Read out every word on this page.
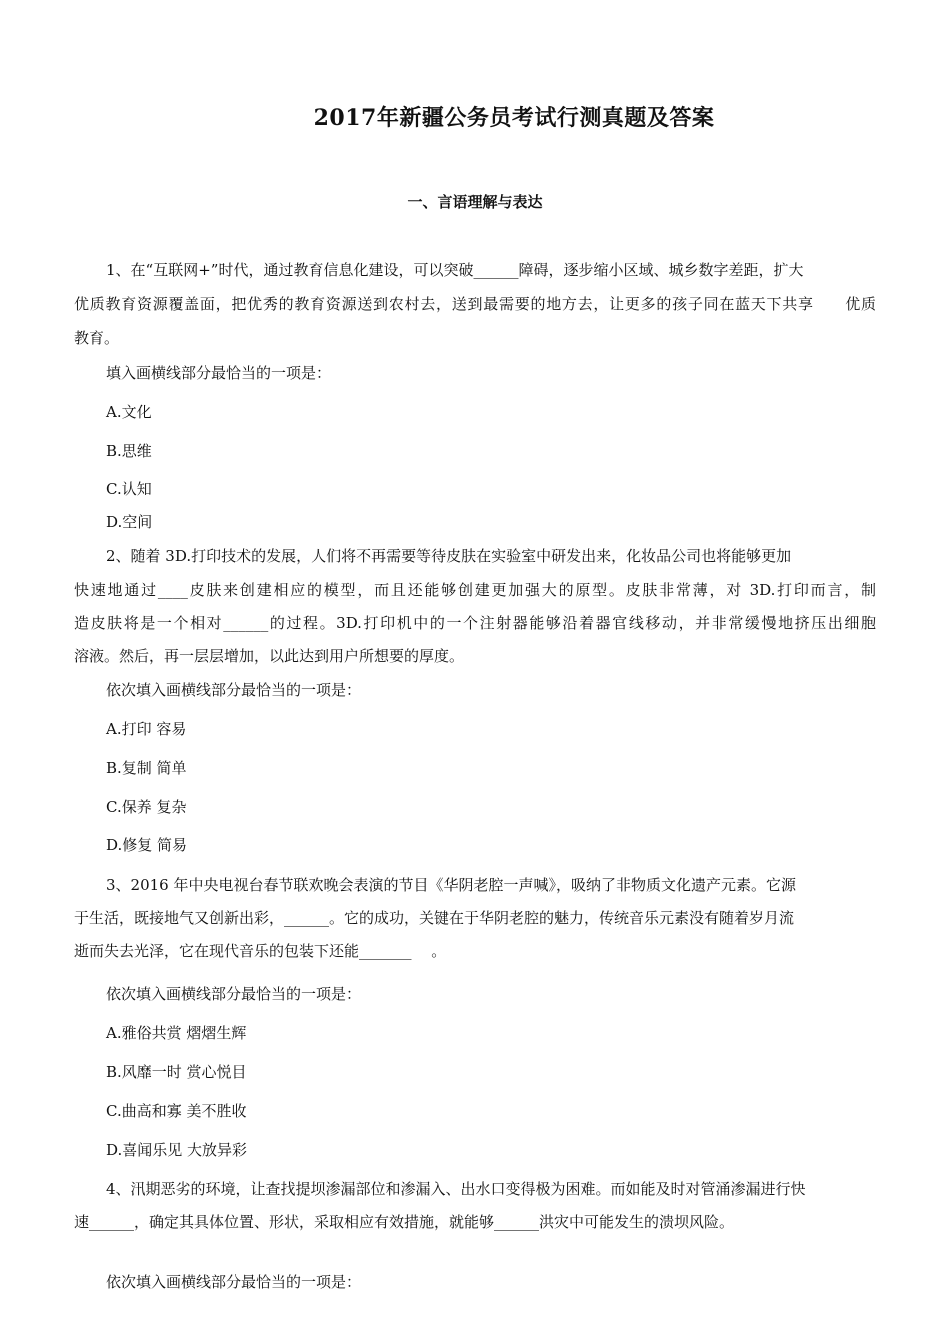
2017年新疆公务员考试行测真题及答案
一、言语理解与表达
1、在“互联网+”时代，通过教育信息化建设，可以突破______障碍，逐步缩小区域、城乡数字差距，扩大
优质教育资源覆盖面，把优秀的教育资源送到农村去，送到最需要的地方去，让更多的孩子同在蓝天下共享　　优质
教育。
填入画横线部分最恰当的一项是：
A.文化
B.思维
C.认知
D.空间
2、随着 3D.打印技术的发展，人们将不再需要等待皮肤在实验室中研发出来，化妆品公司也将能够更加
快速地通过____皮肤来创建相应的模型，而且还能够创建更加强大的原型。皮肤非常薄，对 3D.打印而言，制
造皮肤将是一个相对______的过程。3D.打印机中的一个注射器能够沿着器官线移动，并非常缓慢地挤压出细胞
溶液。然后，再一层层增加，以此达到用户所想要的厚度。
依次填入画横线部分最恰当的一项是：
A.打印 容易
B.复制 简单
C.保养 复杂
D.修复 简易
3、2016 年中央电视台春节联欢晚会表演的节目《华阴老腔一声喊》，吸纳了非物质文化遗产元素。它源
于生活，既接地气又创新出彩，______。它的成功，关键在于华阴老腔的魅力，传统音乐元素没有随着岁月流
逝而失去光泽，它在现代音乐的包装下还能_______　 。
依次填入画横线部分最恰当的一项是：
A.雅俗共赏 熠熠生辉
B.风靡一时 赏心悦目
C.曲高和寡 美不胜收
D.喜闻乐见 大放异彩
4、汛期恶劣的环境，让查找提坝渗漏部位和渗漏入、出水口变得极为困难。而如能及时对管涌渗漏进行快
速______，确定其具体位置、形状，采取相应有效措施，就能够______洪灾中可能发生的溃坝风险。
依次填入画横线部分最恰当的一项是：
